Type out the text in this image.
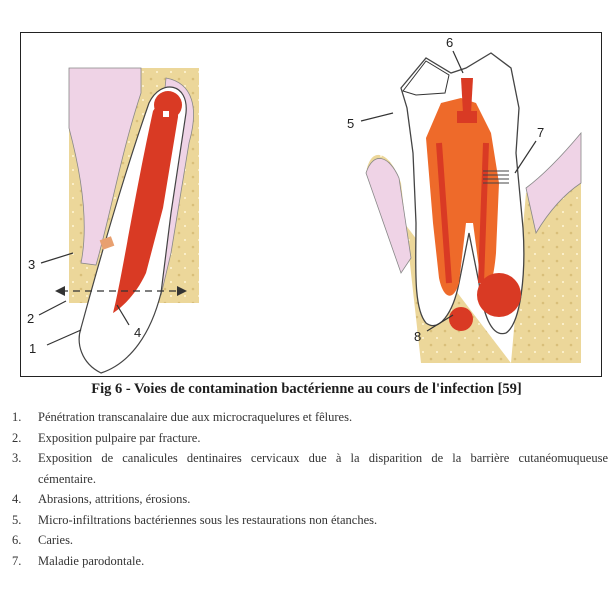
1
2
3
4
5
6
7
8
Fig 6 - Voies de contamination bactérienne au cours de l'infection [59]
1. Pénétration transcanalaire due aux microcraquelures et fêlures.
2. Exposition pulpaire par fracture.
3. Exposition de canalicules dentinaires cervicaux due à la disparition de la barrière cutanéomuqueuse
cémentaire.
4. Abrasions, attritions, érosions.
5. Micro-infiltrations bactériennes sous les restaurations non étanches.
6. Caries.
7. Maladie parodontale.
